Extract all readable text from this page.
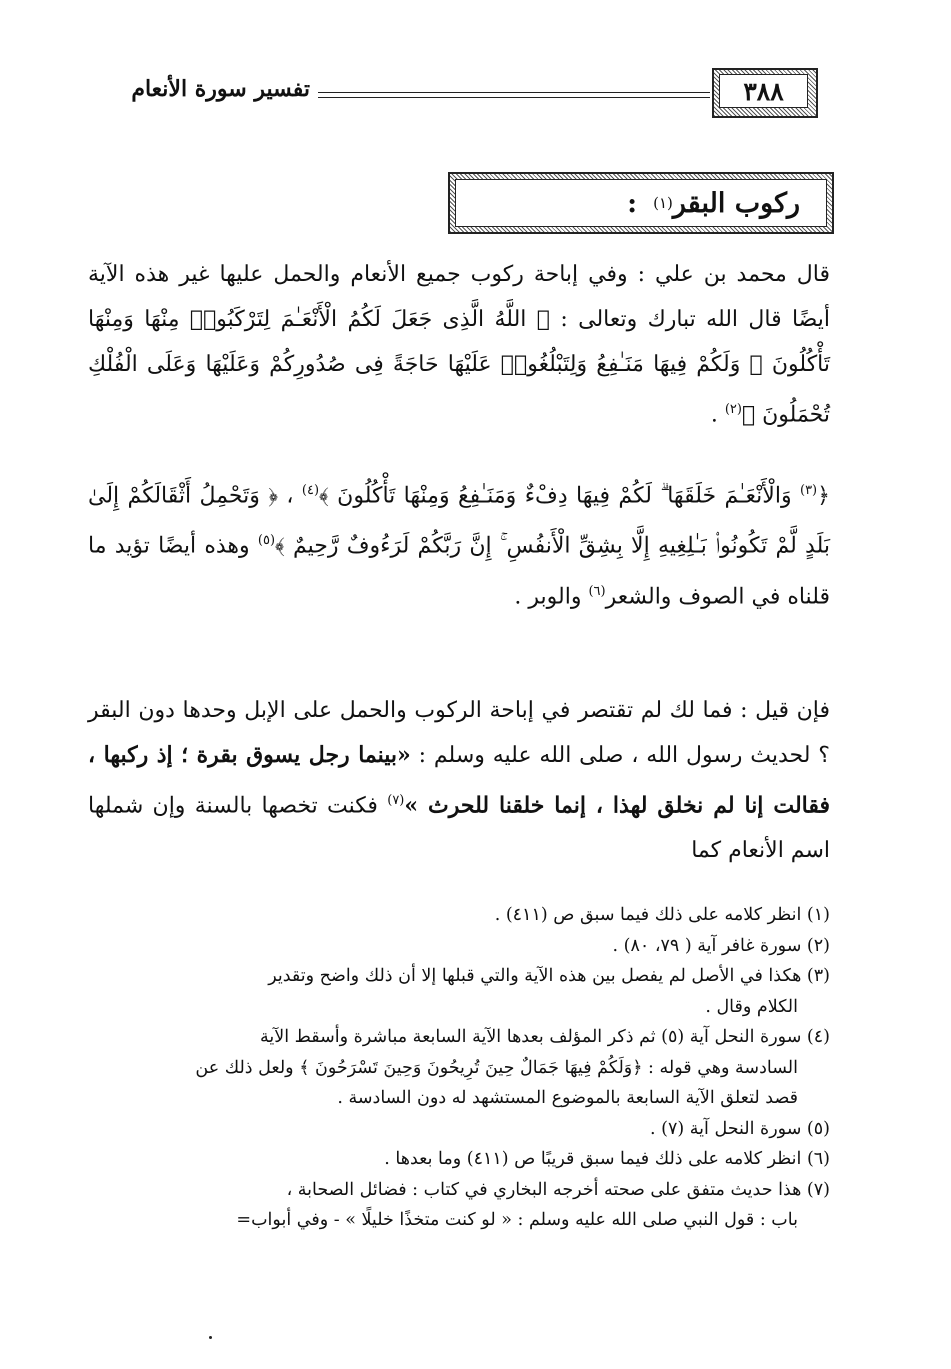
٣٨٨
تفسير سورة الأنعام
ركوب البقر
(١)
:

قال محمد بن علي : وفي إباحة ركوب جميع الأنعام والحمل عليها غير هذه الآية أيضًا قال الله تبارك وتعالى : ﴿ اللَّهُ الَّذِى جَعَلَ لَكُمُ الْأَنْعَـٰمَ لِتَرْكَبُوا۟ مِنْهَا وَمِنْهَا تَأْكُلُونَ ۞ وَلَكُمْ فِيهَا مَنَـٰفِعُ وَلِتَبْلُغُوا۟ عَلَيْهَا حَاجَةً فِى صُدُورِكُمْ وَعَلَيْهَا وَعَلَى الْفُلْكِ تُحْمَلُونَ ﴾$^{(٢)}$ .

﴿$^{(٣)}$ وَالْأَنْعَـٰمَ خَلَقَهَا ۗ لَكُمْ فِيهَا دِفْءٌ وَمَنَـٰفِعُ وَمِنْهَا تَأْكُلُونَ ﴾$^{(٤)}$ ، ﴿ وَتَحْمِلُ أَثْقَالَكُمْ إِلَىٰ بَلَدٍ لَّمْ تَكُونُوا۟ بَـٰلِغِيهِ إِلَّا بِشِقِّ الْأَنفُسِ ۚ إِنَّ رَبَّكُمْ لَرَءُوفٌ رَّحِيمٌ ﴾$^{(٥)}$ وهذه أيضًا تؤيد ما قلناه في الصوف والشعر$^{(٦)}$ والوبر .

فإن قيل : فما لك لم تقتصر في إباحة الركوب والحمل على الإبل وحدها دون البقر ؟ لحديث رسول الله ، صلى الله عليه وسلم : «بينما رجل يسوق بقرة ؛ إذ ركبها ، فقالت إنا لم نخلق لهذا ، إنما خلقنا للحرث »$^{(٧)}$ فكنت تخصها بالسنة وإن شملها اسم الأنعام كما

(١) انظر كلامه على ذلك فيما سبق ص (٤١١) .

(٢) سورة غافر آية ( ٧٩، ٨٠) .

(٣) هكذا في الأصل لم يفصل بين هذه الآية والتي قبلها إلا أن ذلك واضح وتقدير

الكلام وقال .

(٤) سورة النحل آية (٥) ثم ذكر المؤلف بعدها الآية السابعة مباشرة وأسقط الآية

السادسة وهي قوله : ﴿وَلَكُمْ فِيهَا جَمَالٌ حِينَ تُرِيحُونَ وَحِينَ تَسْرَحُونَ ﴾ ولعل ذلك عن

قصد لتعلق الآية السابعة بالموضوع المستشهد له دون السادسة .

(٥) سورة النحل آية (٧) .

(٦) انظر كلامه على ذلك فيما سبق قريبًا ص (٤١١) وما بعدها .

(٧) هذا حديث متفق على صحته أخرجه البخاري في كتاب : فضائل الصحابة ،

باب : قول النبي صلى الله عليه وسلم : « لو كنت متخذًا خليلًا » - وفي أبواب=
